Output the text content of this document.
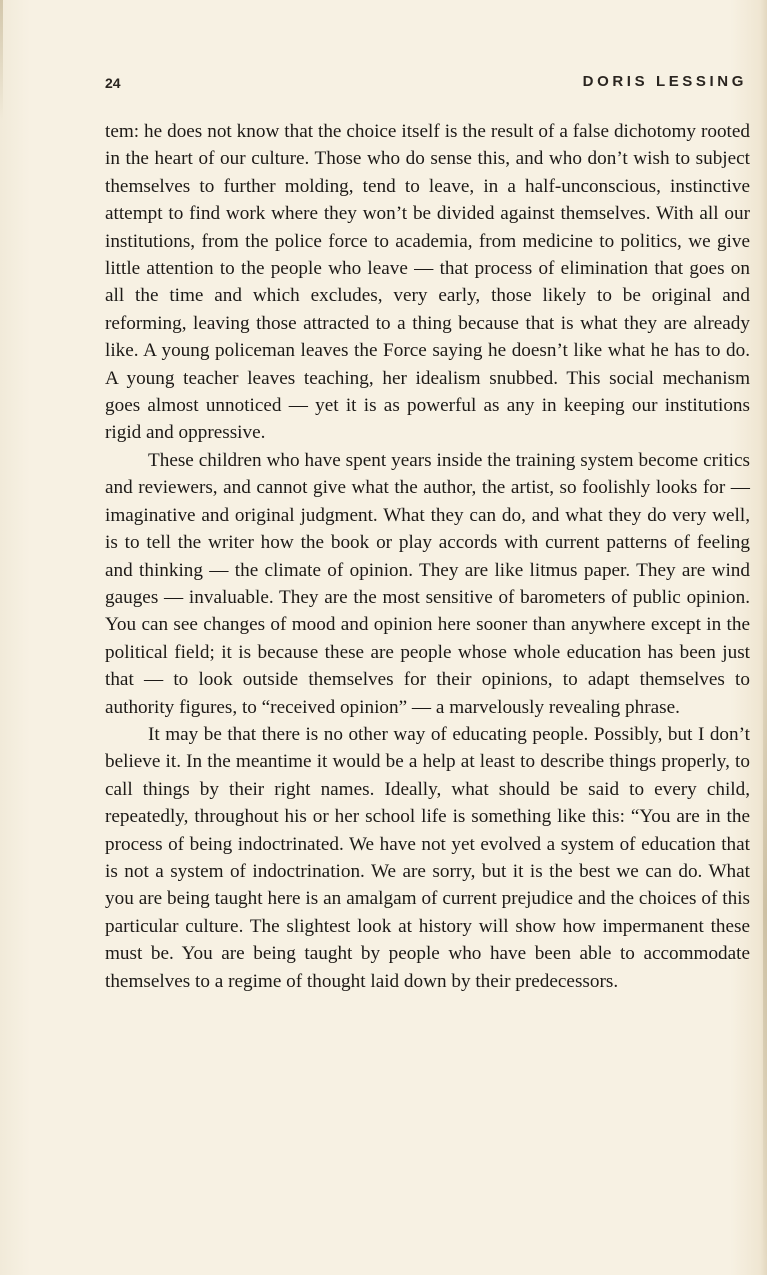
24	DORIS LESSING

tem: he does not know that the choice itself is the result of a false dichotomy rooted in the heart of our culture. Those who do sense this, and who don’t wish to subject themselves to further molding, tend to leave, in a half-unconscious, instinctive attempt to find work where they won’t be divided against themselves. With all our institutions, from the police force to academia, from medicine to politics, we give little attention to the people who leave — that process of elimination that goes on all the time and which excludes, very early, those likely to be original and reforming, leaving those attracted to a thing because that is what they are already like. A young policeman leaves the Force saying he doesn’t like what he has to do. A young teacher leaves teaching, her idealism snubbed. This social mechanism goes almost unnoticed — yet it is as powerful as any in keeping our institutions rigid and oppressive.

These children who have spent years inside the training system become critics and reviewers, and cannot give what the author, the artist, so foolishly looks for — imaginative and original judgment. What they can do, and what they do very well, is to tell the writer how the book or play accords with current patterns of feeling and thinking — the climate of opinion. They are like litmus paper. They are wind gauges — invaluable. They are the most sensitive of barometers of public opinion. You can see changes of mood and opinion here sooner than anywhere except in the political field; it is because these are people whose whole education has been just that — to look outside themselves for their opinions, to adapt themselves to authority figures, to “received opinion” — a marvelously revealing phrase.

It may be that there is no other way of educating people. Possibly, but I don’t believe it. In the meantime it would be a help at least to describe things properly, to call things by their right names. Ideally, what should be said to every child, repeatedly, throughout his or her school life is something like this: “You are in the process of being indoctrinated. We have not yet evolved a system of education that is not a system of indoctrination. We are sorry, but it is the best we can do. What you are being taught here is an amalgam of current prejudice and the choices of this particular culture. The slightest look at history will show how impermanent these must be. You are being taught by people who have been able to accommodate themselves to a regime of thought laid down by their predecessors.
